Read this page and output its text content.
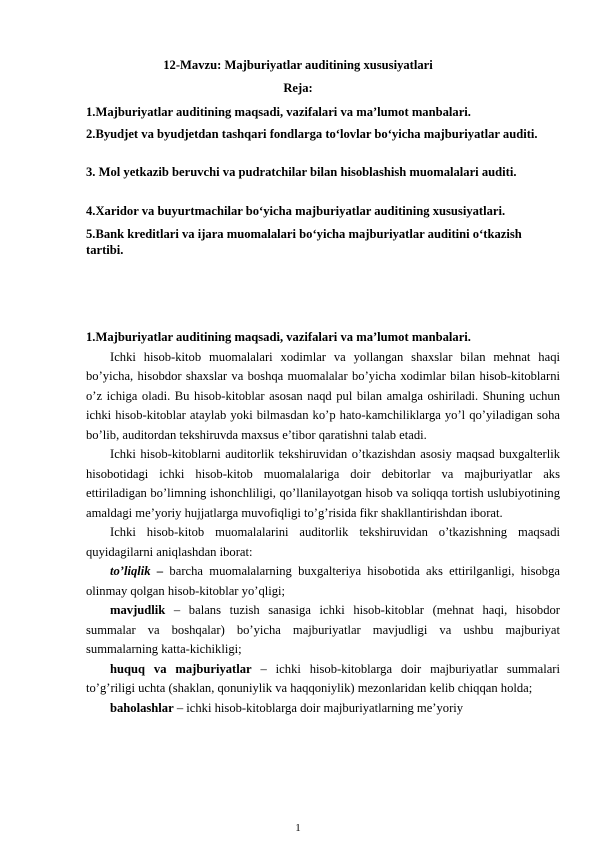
12-Mavzu: Majburiyatlar auditining xususiyatlari
Reja:
1.Majburiyatlar auditining maqsadi, vazifalari va ma’lumot manbalari.
2.Byudjet va byudjetdan tashqari fondlarga to‘lovlar bo‘yicha majburiyatlar auditi.
3. Mol yetkazib beruvchi va pudratchilar bilan hisoblashish muomalalari auditi.
4.Xaridor va buyurtmachilar bo‘yicha majburiyatlar auditining xususiyatlari.
5.Bank kreditlari va ijara muomalalari bo‘yicha majburiyatlar auditini o‘tkazish tartibi.

1.Majburiyatlar auditining maqsadi, vazifalari va ma’lumot manbalari.

Ichki hisob-kitob muomalalari xodimlar va yollangan shaxslar bilan mehnat haqi bo’yicha, hisobdor shaxslar va boshqa muomalalar bo’yicha xodimlar bilan hisob-kitoblarni o’z ichiga oladi. Bu hisob-kitoblar asosan naqd pul bilan amalga oshiriladi. Shuning uchun ichki hisob-kitoblar ataylab yoki bilmasdan ko’p hato-kamchiliklarga yo’l qo’yiladigan soha bo’lib, auditordan tekshiruvda maxsus e’tibor qaratishni talab etadi.

Ichki hisob-kitoblarni auditorlik tekshiruvidan o’tkazishdan asosiy maqsad buxgalterlik hisobotidagi ichki hisob-kitob muomalalariga doir debitorlar va majburiyatlar aks ettiriladigan bo’limning ishonchliligi, qo’llanilayotgan hisob va soliqqa tortish uslubiyotining amaldagi me’yoriy hujjatlarga muvofiqligi to’g’risida fikr shakllantirishdan iborat.

Ichki hisob-kitob muomalalarini auditorlik tekshiruvidan o’tkazishning maqsadi quyidagilarni aniqlashdan iborat:

to’liqlik – barcha muomalalarning buxgalteriya hisobotida aks ettirilganligi, hisobga olinmay qolgan hisob-kitoblar yo’qligi;

mavjudlik – balans tuzish sanasiga ichki hisob-kitoblar (mehnat haqi, hisobdor summalar va boshqalar) bo’yicha majburiyatlar mavjudligi va ushbu majburiyat summalarning katta-kichikligi;

huquq va majburiyatlar – ichki hisob-kitoblarga doir majburiyatlar summalari to’g’riligi uchta (shaklan, qonuniylik va haqqoniylik) mezonlaridan kelib chiqqan holda;

baholashlar – ichki hisob-kitoblarga doir majburiyatlarning me’yoriy

1
